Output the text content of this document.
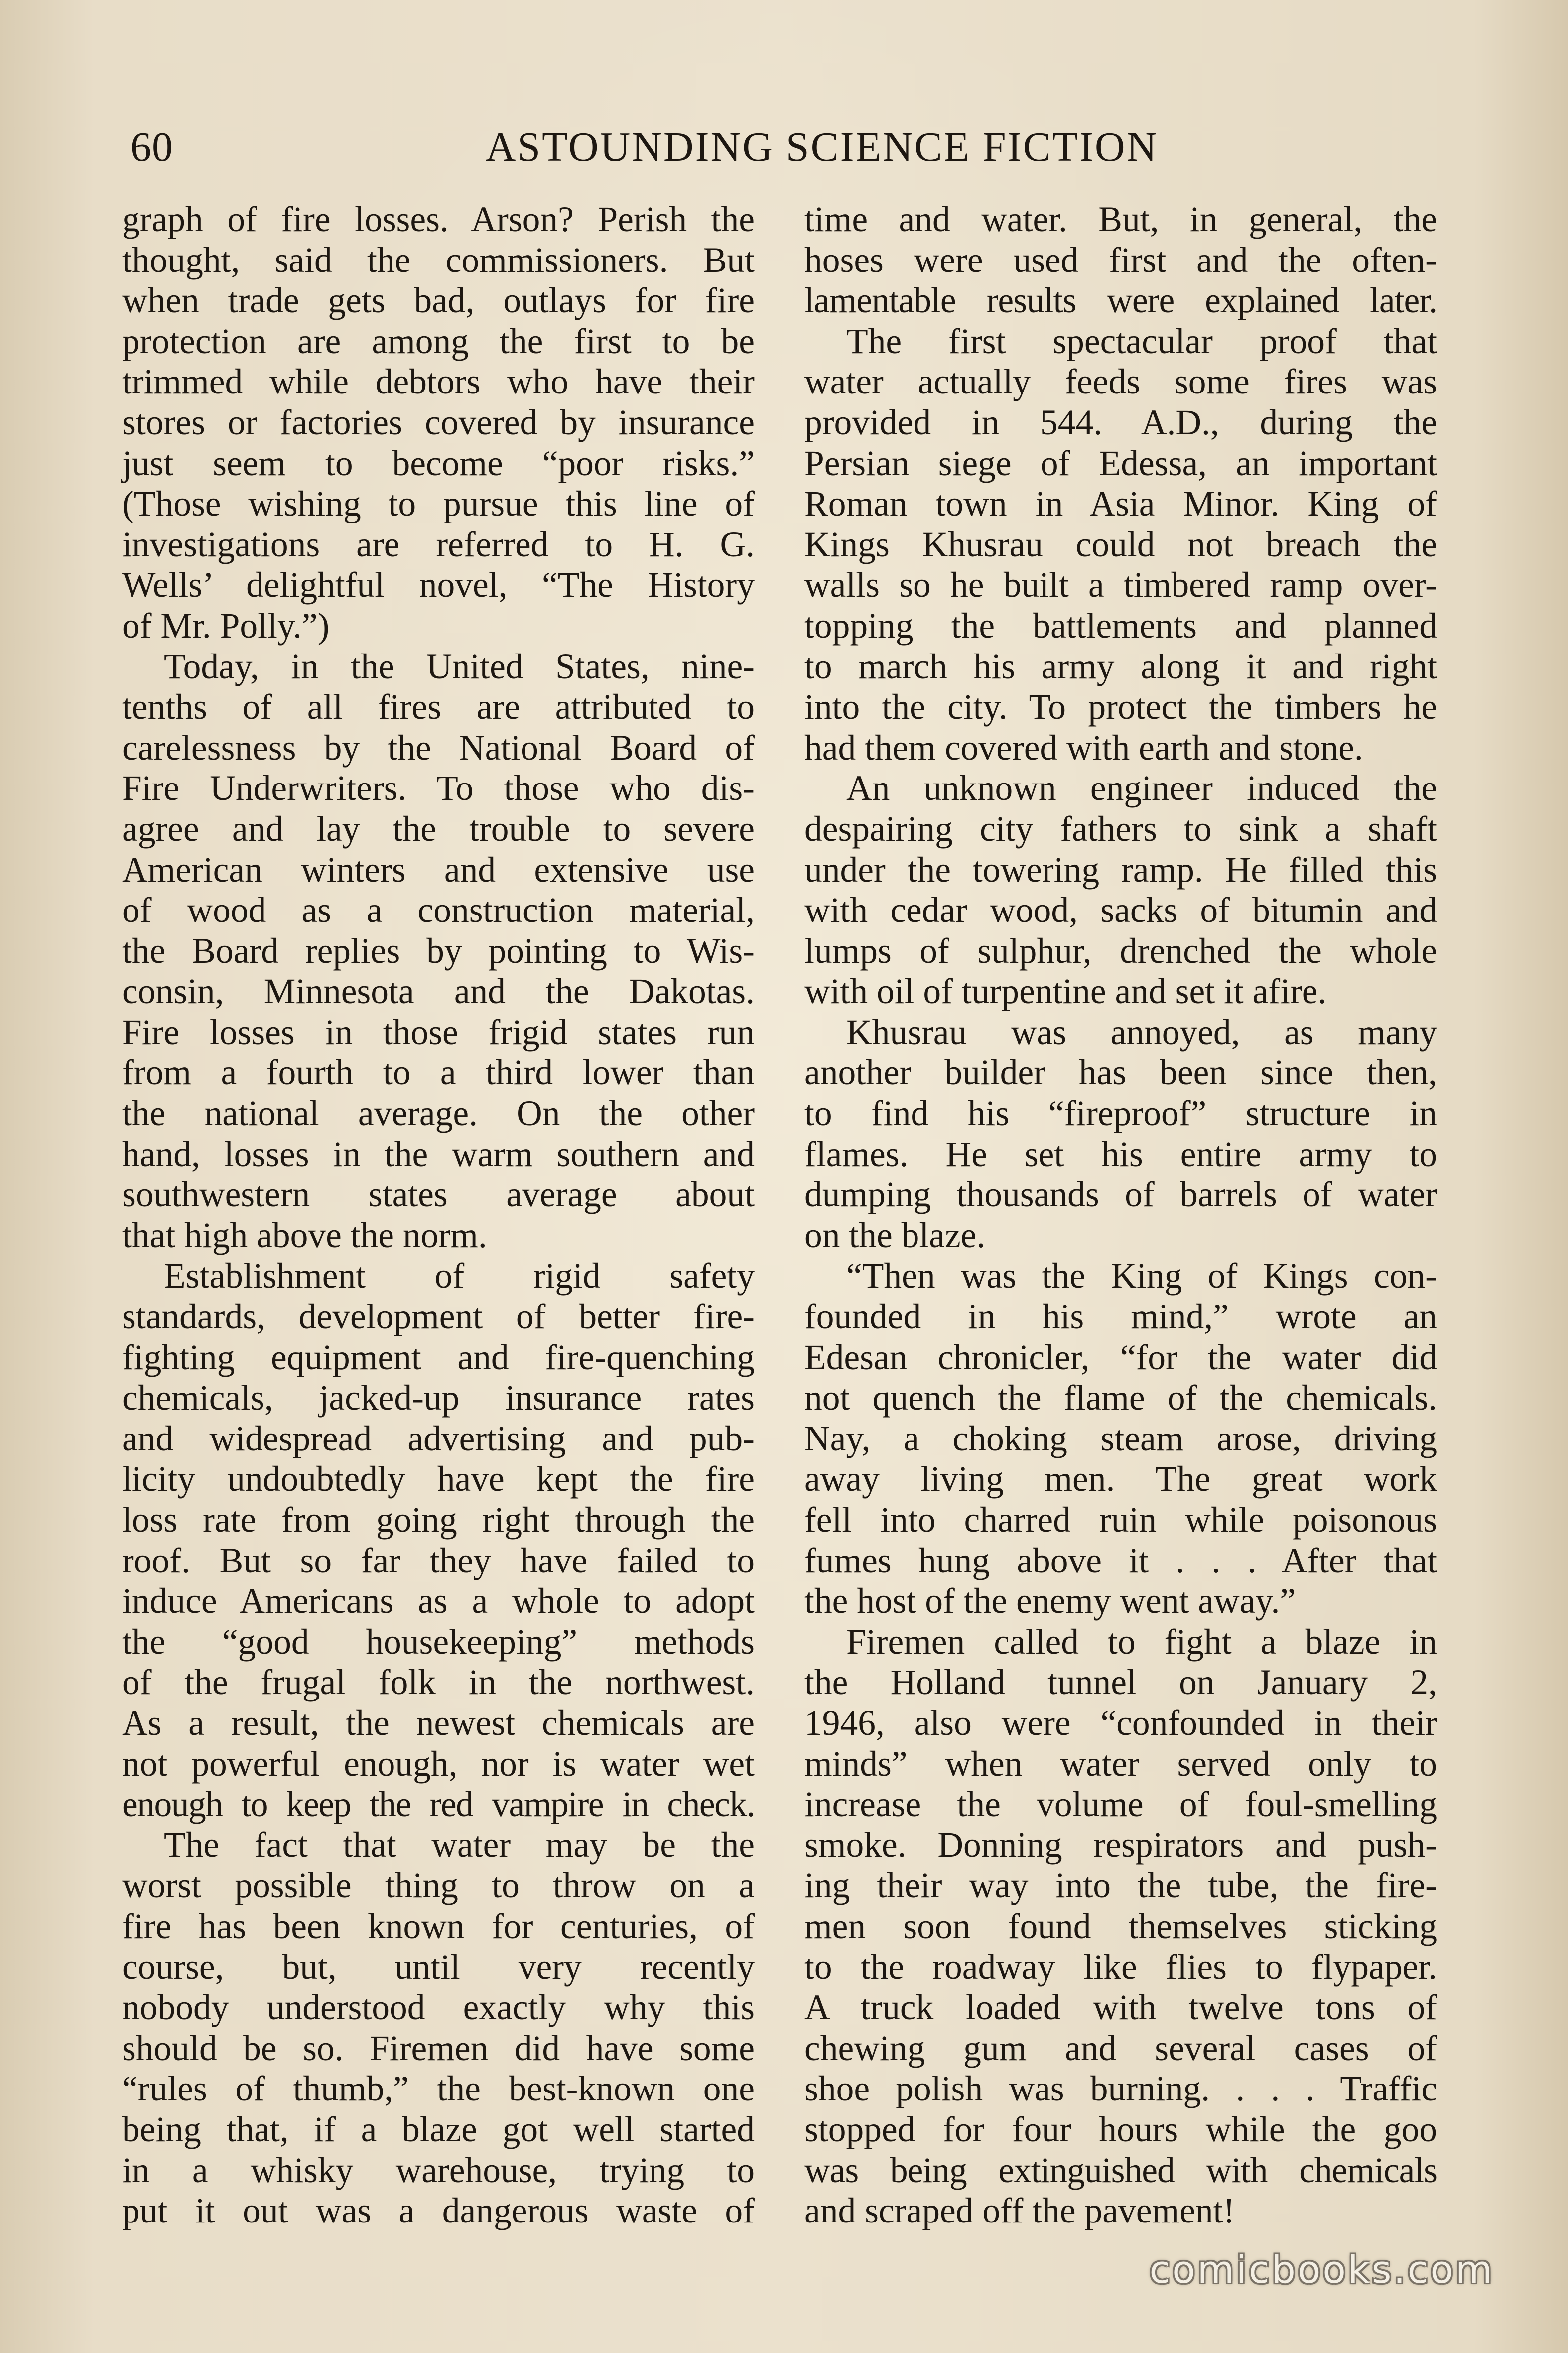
60	ASTOUNDING SCIENCE FICTION
graph of fire losses. Arson? Perish the
thought, said the commissioners. But
when trade gets bad, outlays for fire
protection are among the first to be
trimmed while debtors who have their
stores or factories covered by insurance
just seem to become “poor risks.”
(Those wishing to pursue this line of
investigations are referred to H. G.
Wells’ delightful novel, “The History
of Mr. Polly.”)
Today, in the United States, nine-
tenths of all fires are attributed to
carelessness by the National Board of
Fire Underwriters. To those who dis-
agree and lay the trouble to severe
American winters and extensive use
of wood as a construction material,
the Board replies by pointing to Wis-
consin, Minnesota and the Dakotas.
Fire losses in those frigid states run
from a fourth to a third lower than
the national average. On the other
hand, losses in the warm southern and
southwestern states average about
that high above the norm.
Establishment of rigid safety
standards, development of better fire-
fighting equipment and fire-quenching
chemicals, jacked-up insurance rates
and widespread advertising and pub-
licity undoubtedly have kept the fire
loss rate from going right through the
roof. But so far they have failed to
induce Americans as a whole to adopt
the “good housekeeping” methods
of the frugal folk in the northwest.
As a result, the newest chemicals are
not powerful enough, nor is water wet
enough to keep the red vampire in check.
The fact that water may be the
worst possible thing to throw on a
fire has been known for centuries, of
course, but, until very recently
nobody understood exactly why this
should be so. Firemen did have some
“rules of thumb,” the best-known one
being that, if a blaze got well started
in a whisky warehouse, trying to
put it out was a dangerous waste of
time and water. But, in general, the
hoses were used first and the often-
lamentable results were explained later.
The first spectacular proof that
water actually feeds some fires was
provided in 544. A.D., during the
Persian siege of Edessa, an important
Roman town in Asia Minor. King of
Kings Khusrau could not breach the
walls so he built a timbered ramp over-
topping the battlements and planned
to march his army along it and right
into the city. To protect the timbers he
had them covered with earth and stone.
An unknown engineer induced the
despairing city fathers to sink a shaft
under the towering ramp. He filled this
with cedar wood, sacks of bitumin and
lumps of sulphur, drenched the whole
with oil of turpentine and set it afire.
Khusrau was annoyed, as many
another builder has been since then,
to find his “fireproof” structure in
flames. He set his entire army to
dumping thousands of barrels of water
on the blaze.
“Then was the King of Kings con-
founded in his mind,” wrote an
Edesan chronicler, “for the water did
not quench the flame of the chemicals.
Nay, a choking steam arose, driving
away living men. The great work
fell into charred ruin while poisonous
fumes hung above it . . . After that
the host of the enemy went away.”
Firemen called to fight a blaze in
the Holland tunnel on January 2,
1946, also were “confounded in their
minds” when water served only to
increase the volume of foul-smelling
smoke. Donning respirators and push-
ing their way into the tube, the fire-
men soon found themselves sticking
to the roadway like flies to flypaper.
A truck loaded with twelve tons of
chewing gum and several cases of
shoe polish was burning. . . . Traffic
stopped for four hours while the goo
was being extinguished with chemicals
and scraped off the pavement!
comicbooks.com
